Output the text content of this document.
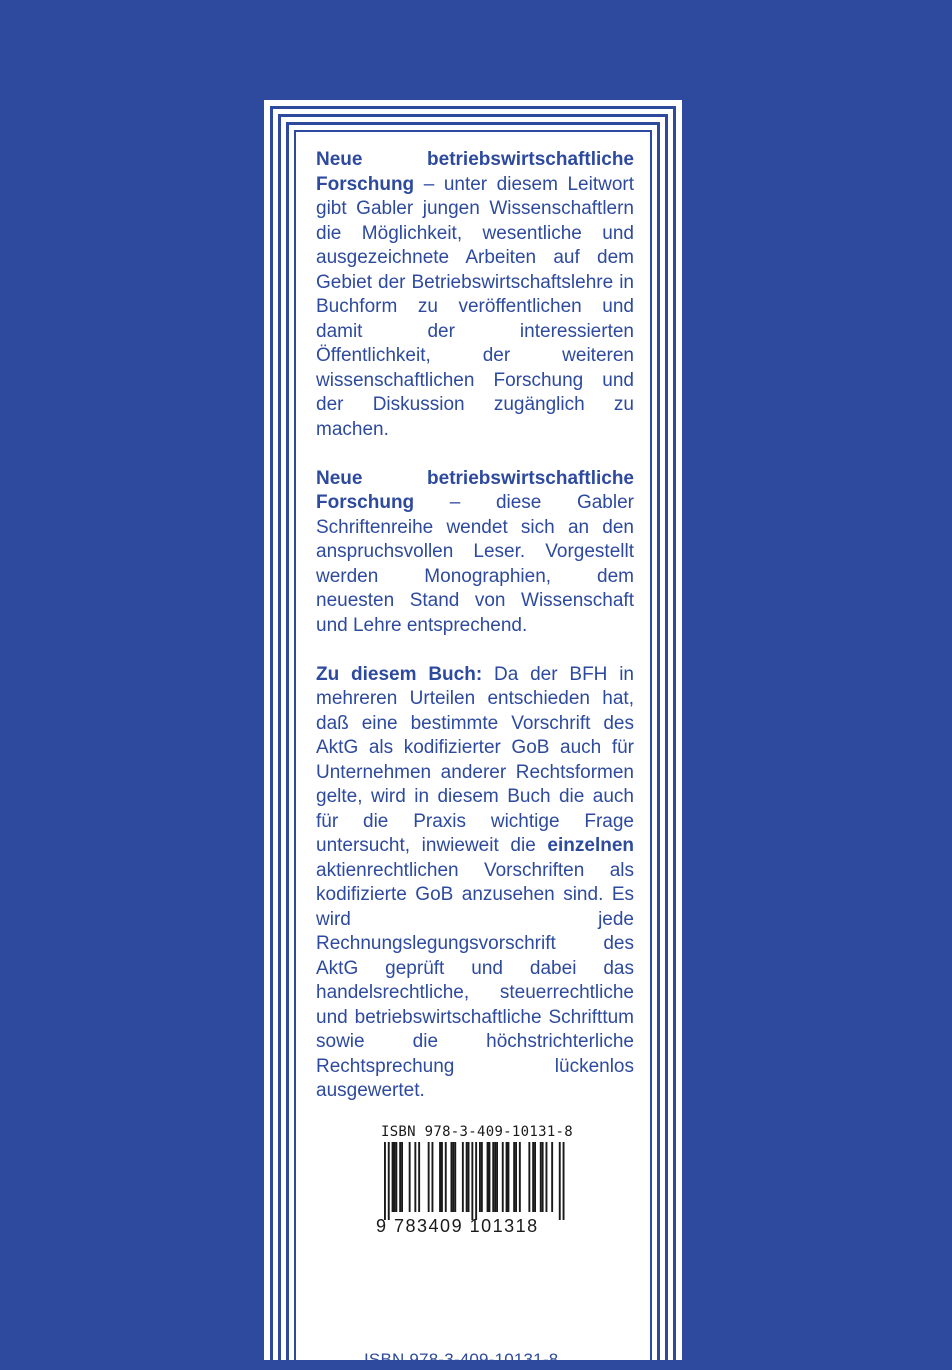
Neue betriebswirtschaftliche Forschung – unter diesem Leitwort gibt Gabler jungen Wissenschaftlern die Möglichkeit, wesentliche und ausgezeichnete Arbeiten auf dem Gebiet der Betriebswirtschaftslehre in Buchform zu veröffentlichen und damit der interessierten Öffentlichkeit, der weiteren wissenschaftlichen Forschung und der Diskussion zugänglich zu machen.

Neue betriebswirtschaftliche Forschung – diese Gabler Schriftenreihe wendet sich an den anspruchsvollen Leser. Vorgestellt werden Monographien, dem neuesten Stand von Wissenschaft und Lehre entsprechend.

Zu diesem Buch: Da der BFH in mehreren Urteilen entschieden hat, daß eine bestimmte Vorschrift des AktG als kodifizierter GoB auch für Unternehmen anderer Rechtsformen gelte, wird in diesem Buch die auch für die Praxis wichtige Frage untersucht, inwieweit die einzelnen aktienrechtlichen Vorschriften als kodifizierte GoB anzusehen sind. Es wird jede Rechnungslegungsvorschrift des AktG geprüft und dabei das handelsrechtliche, steuerrechtliche und betriebswirtschaftliche Schrifttum sowie die höchstrichterliche Rechtsprechung lückenlos ausgewertet.

ISBN 978-3-409-10131-8
9 783409 101318
ISBN 978-3-409-10131-8
